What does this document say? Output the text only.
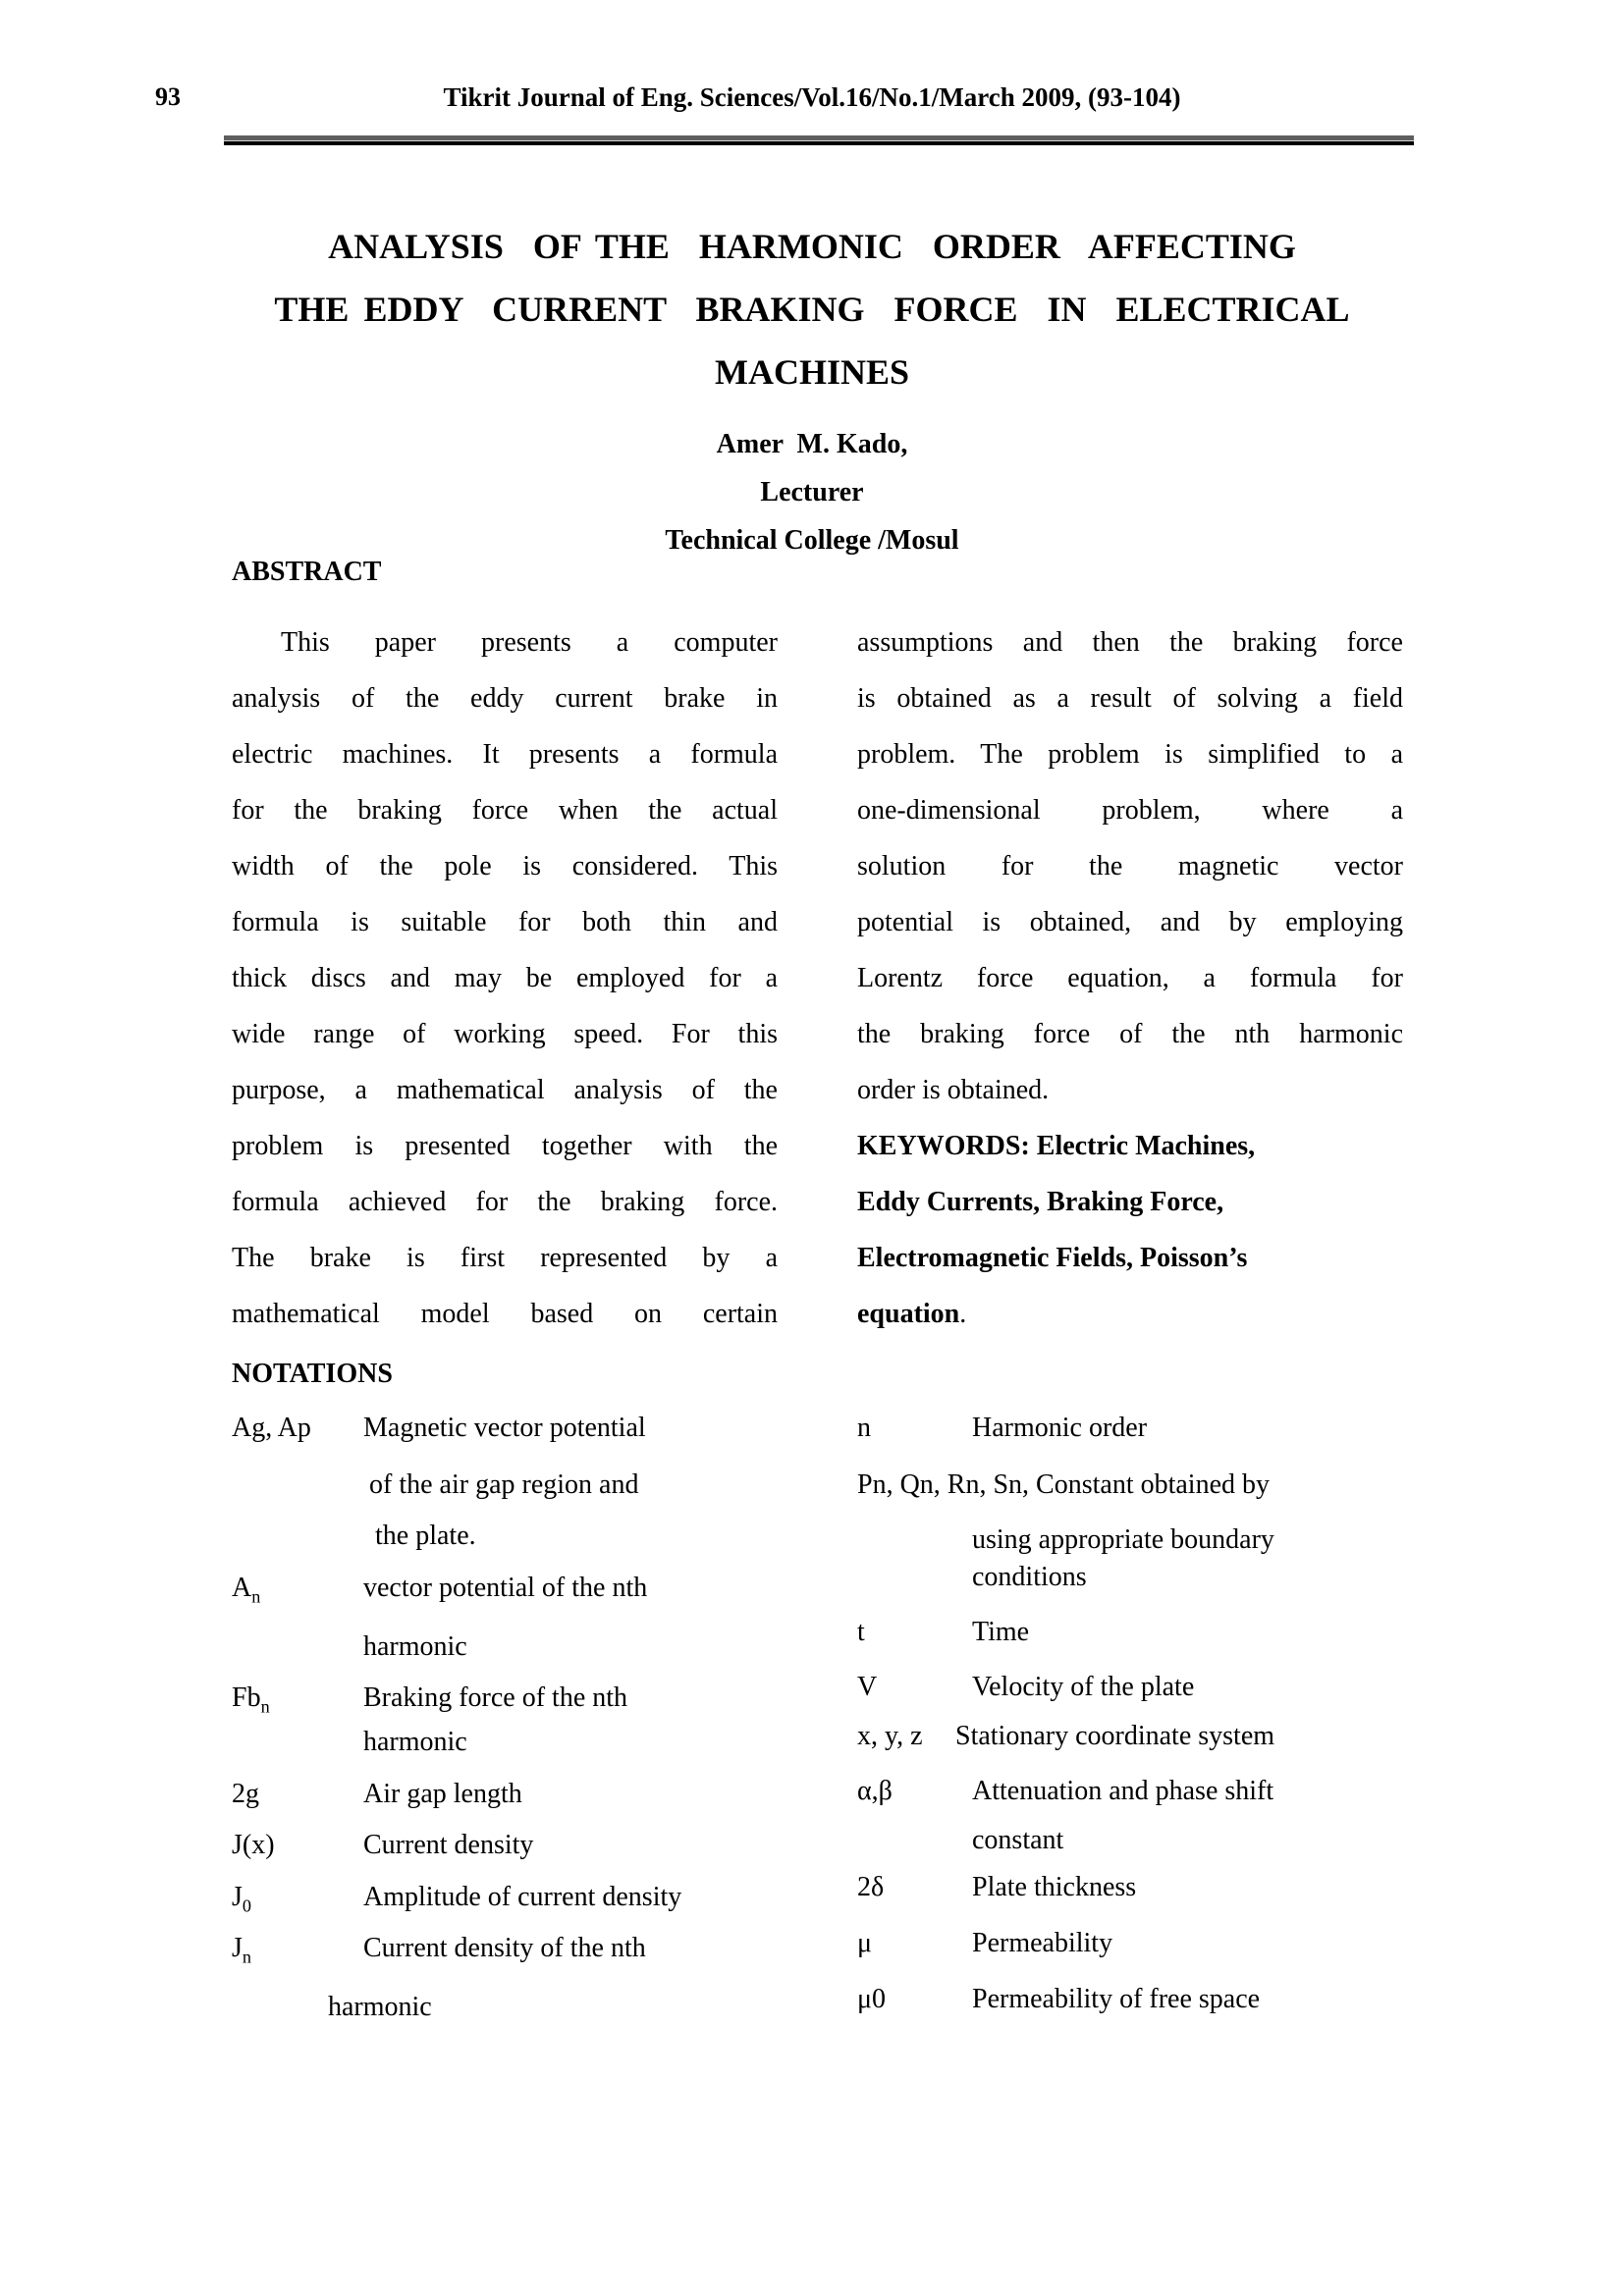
93	Tikrit Journal of Eng. Sciences/Vol.16/No.1/March 2009, (93-104)
ANALYSIS  OF THE  HARMONIC  ORDER  AFFECTING
THE EDDY  CURRENT  BRAKING  FORCE  IN  ELECTRICAL
MACHINES
Amer  M. Kado,
Lecturer
Technical College /Mosul
ABSTRACT
This paper presents a computer
analysis of the eddy current brake in
electric machines. It presents a formula
for the braking force when the actual
width of the pole is considered. This
formula is suitable for both thin and
thick discs and may be employed for a
wide range of working speed. For this
purpose, a mathematical analysis of the
problem is presented together with the
formula achieved for the braking force.
The brake is first represented by a
mathematical model based on certain
assumptions and then the braking force
is obtained as a result of solving a field
problem. The problem is simplified to a
one-dimensional problem, where a
solution for the magnetic vector
potential is obtained, and by employing
Lorentz force equation, a formula for
the braking force of the nth harmonic
order is obtained.
KEYWORDS: Electric Machines,
Eddy Currents, Braking Force,
Electromagnetic Fields, Poisson’s
equation.
NOTATIONS
Ag, Ap Magnetic vector potential
of the air gap region and
the plate.
$A_n$	vector potential of the nth
harmonic
$Fb_n$	Braking force of the nth
harmonic
2g	Air gap length
J(x)	Current density
$J_0$	Amplitude of current density
$J_n$	Current density of the nth
harmonic
n	Harmonic order
Pn, Qn, Rn, Sn, Constant obtained by
using appropriate boundary
conditions
t	Time
V	Velocity of the plate
x, y, z Stationary coordinate system
α,β	Attenuation and phase shift
constant
2δ	Plate thickness
μ	Permeability
μ0	Permeability of free space
